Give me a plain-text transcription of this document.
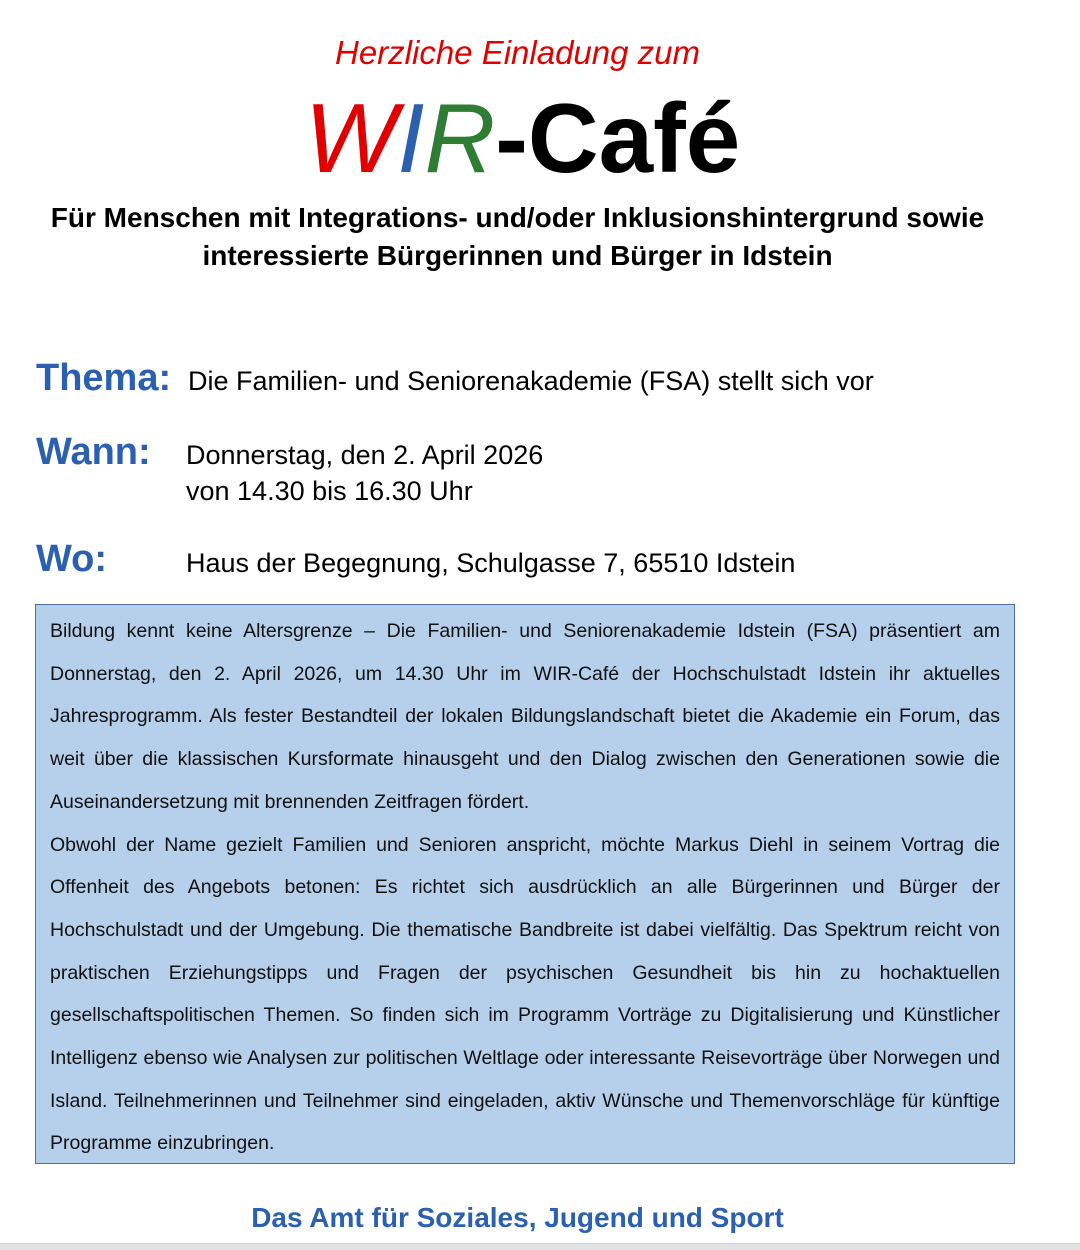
Herzliche Einladung zum
WIR-Café
Für Menschen mit Integrations- und/oder Inklusionshintergrund sowie interessierte Bürgerinnen und Bürger in Idstein
Thema: Die Familien- und Seniorenakademie (FSA) stellt sich vor
Wann: Donnerstag, den 2. April 2026
von 14.30 bis 16.30 Uhr
Wo:	Haus der Begegnung, Schulgasse 7, 65510 Idstein

Bildung kennt keine Altersgrenze – Die Familien- und Seniorenakademie Idstein (FSA) präsentiert am Donnerstag, den 2. April 2026, um 14.30 Uhr im WIR-Café der Hochschulstadt Idstein ihr aktuelles Jahresprogramm. Als fester Bestandteil der lokalen Bildungslandschaft bietet die Akademie ein Forum, das weit über die klassischen Kursformate hinausgeht und den Dialog zwischen den Generationen sowie die Auseinandersetzung mit brennenden Zeitfragen fördert.

Obwohl der Name gezielt Familien und Senioren anspricht, möchte Markus Diehl in seinem Vortrag die Offenheit des Angebots betonen: Es richtet sich ausdrücklich an alle Bürgerinnen und Bürger der Hochschulstadt und der Umgebung. Die thematische Bandbreite ist dabei vielfältig. Das Spektrum reicht von praktischen Erziehungstipps und Fragen der psychischen Gesundheit bis hin zu hochaktuellen gesellschaftspolitischen Themen. So finden sich im Programm Vorträge zu Digitalisierung und Künstlicher Intelligenz ebenso wie Analysen zur politischen Weltlage oder interessante Reisevorträge über Norwegen und Island. Teilnehmerinnen und Teilnehmer sind eingeladen, aktiv Wünsche und Themenvorschläge für künftige Programme einzubringen.

Das Amt für Soziales, Jugend und Sport
